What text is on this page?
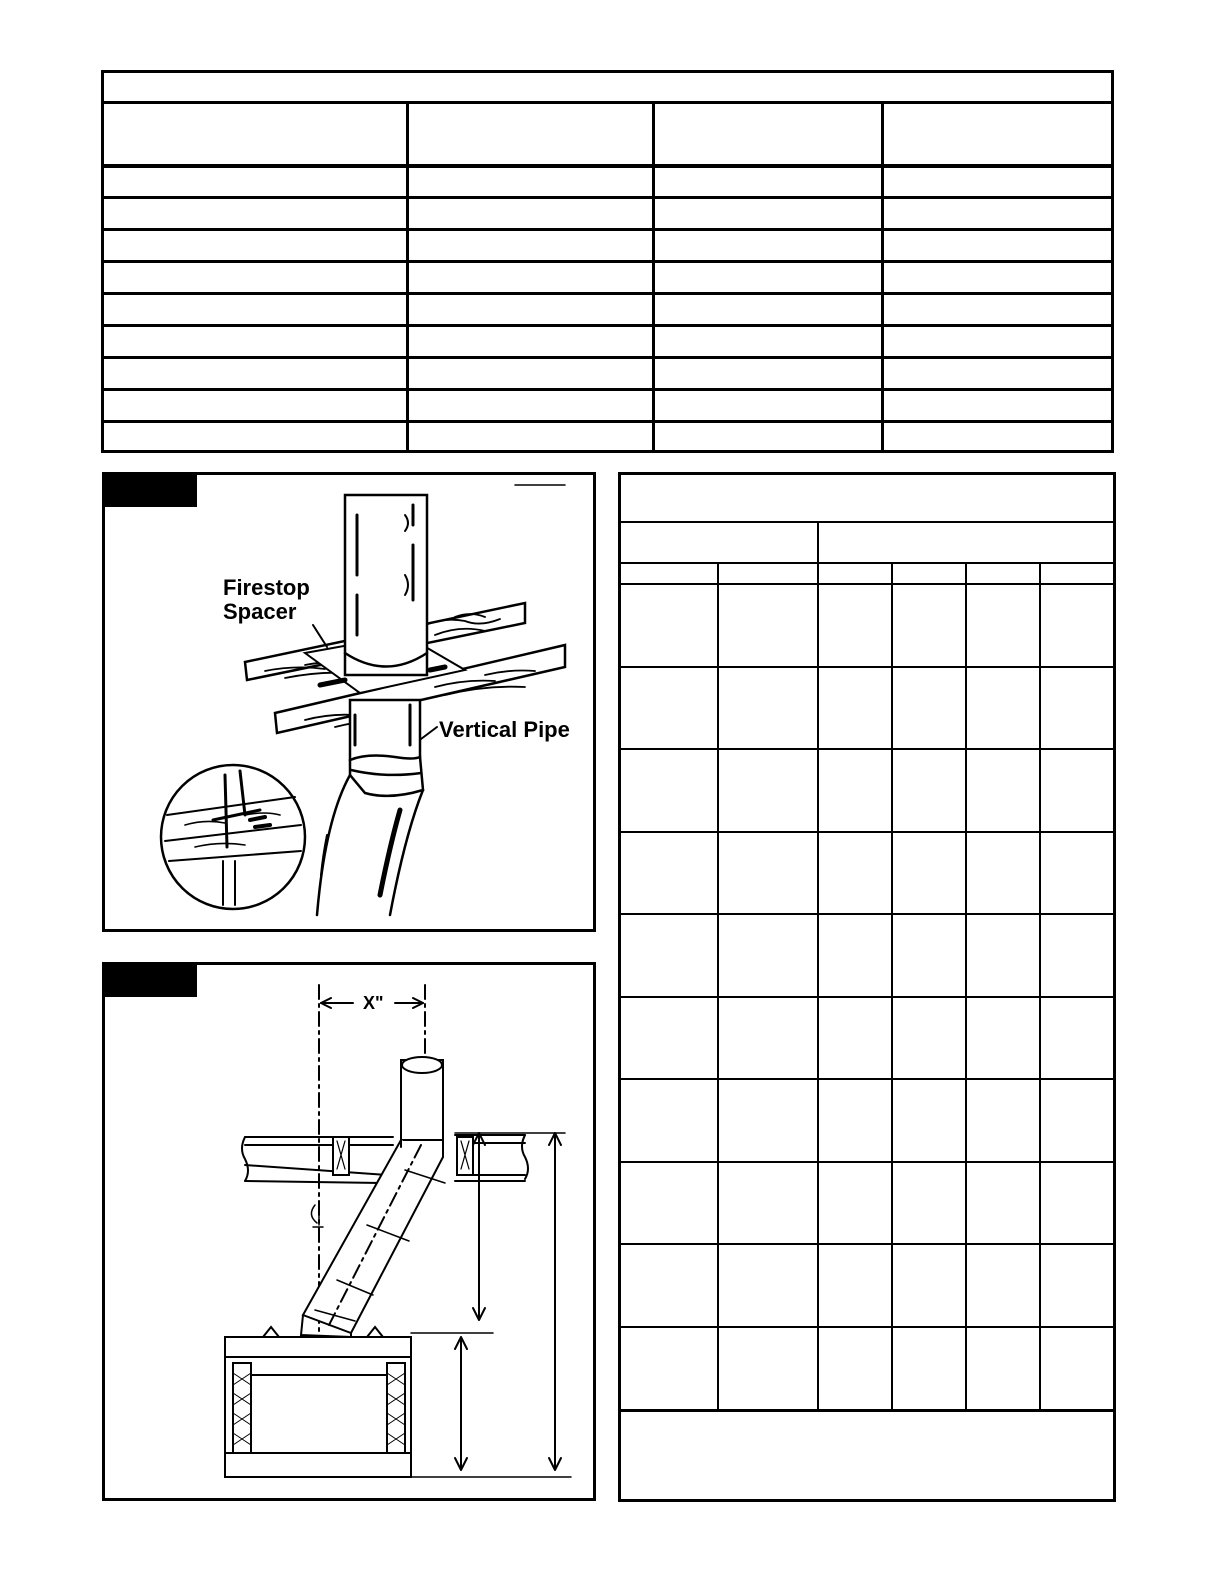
Firestop
Spacer
Vertical Pipe
X"
